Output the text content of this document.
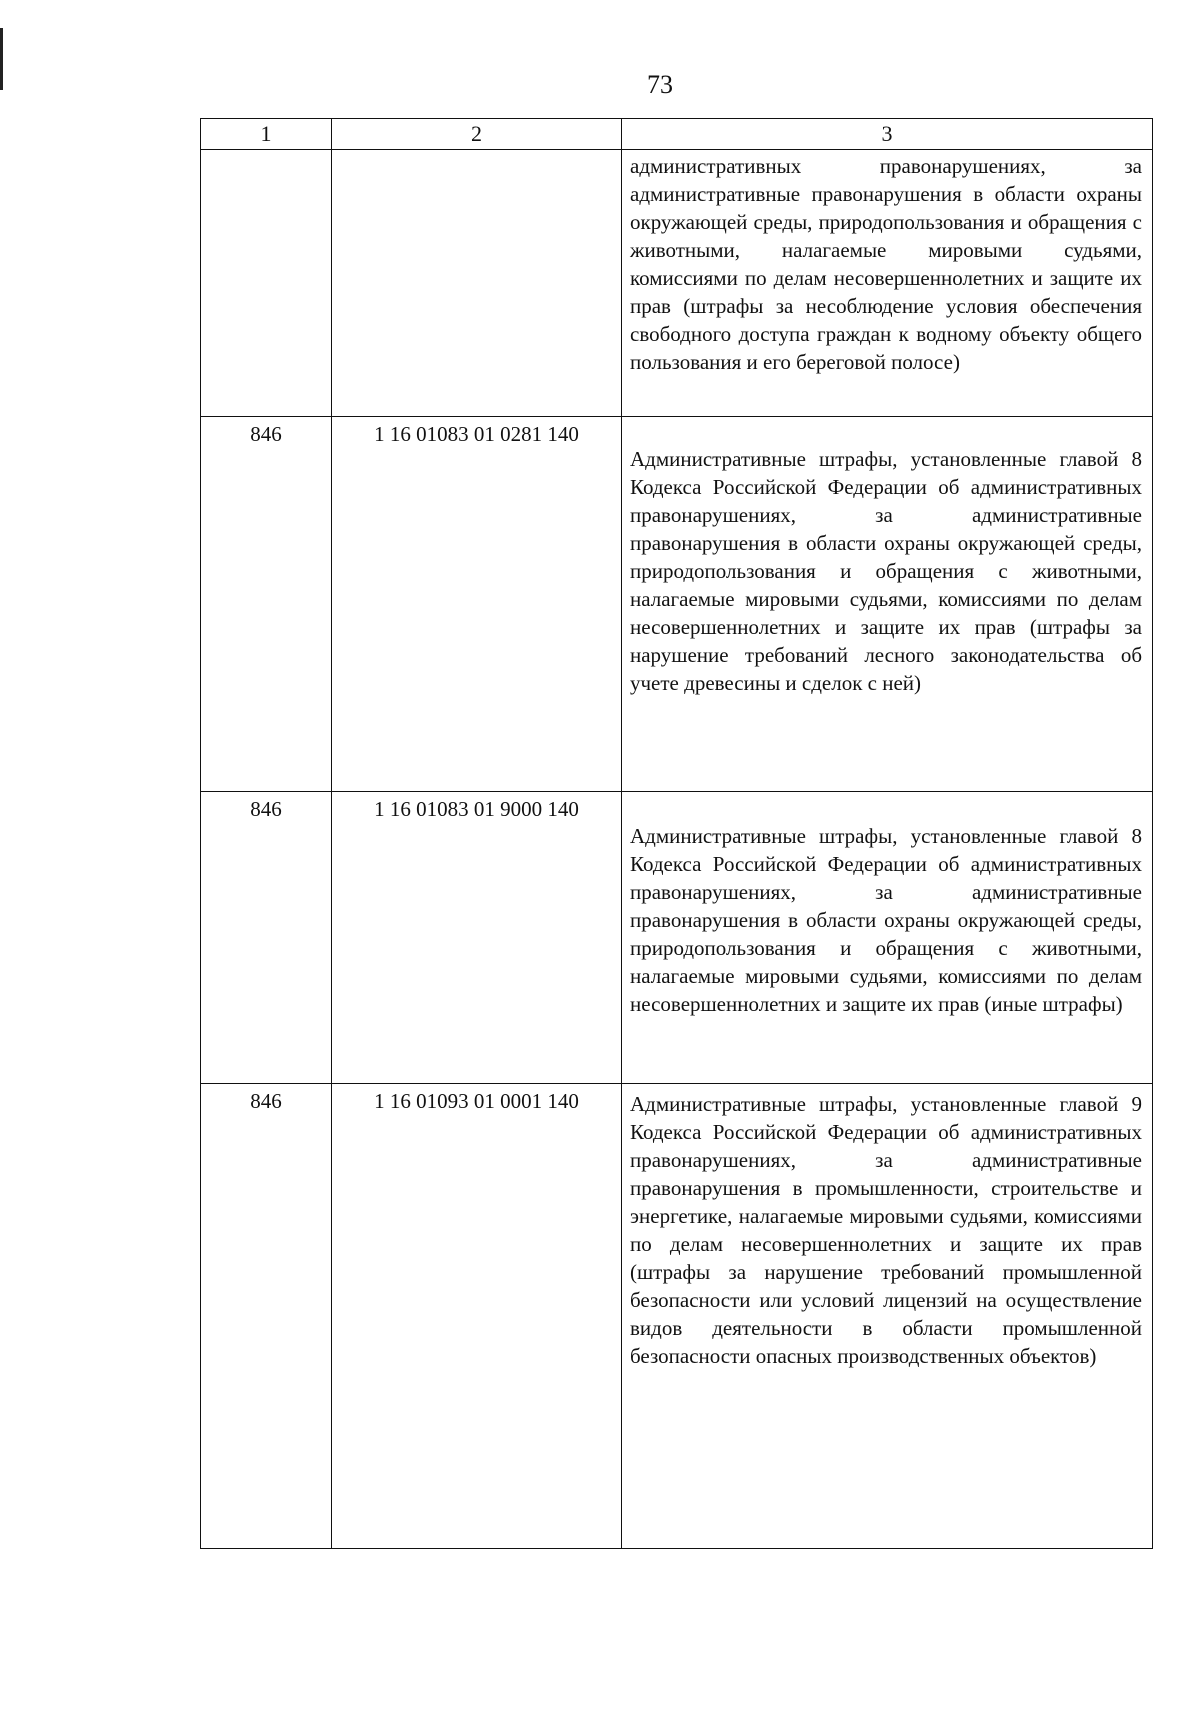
73
1	2	3

		административных правонарушениях, за административные правонарушения в области охраны окружающей среды, природопользования и обращения с животными, налагаемые мировыми судьями, комиссиями по делам несовершеннолетних и защите их прав (штрафы за несоблюдение условия обеспечения свободного доступа граждан к водному объекту общего пользования и его береговой полосе)

846	1 16 01083 01 0281 140	Административные штрафы, установленные главой 8 Кодекса Российской Федерации об административных правонарушениях, за административные правонарушения в области охраны окружающей среды, природопользования и обращения с животными, налагаемые мировыми судьями, комиссиями по делам несовершеннолетних и защите их прав (штрафы за нарушение требований лесного законодательства об учете древесины и сделок с ней)

846	1 16 01083 01 9000 140	Административные штрафы, установленные главой 8 Кодекса Российской Федерации об административных правонарушениях, за административные правонарушения в области охраны окружающей среды, природопользования и обращения с животными, налагаемые мировыми судьями, комиссиями по делам несовершеннолетних и защите их прав (иные штрафы)

846	1 16 01093 01 0001 140	Административные штрафы, установленные главой 9 Кодекса Российской Федерации об административных правонарушениях, за административные правонарушения в промышленности, строительстве и энергетике, налагаемые мировыми судьями, комиссиями по делам несовершеннолетних и защите их прав (штрафы за нарушение требований промышленной безопасности или условий лицензий на осуществление видов деятельности в области промышленной безопасности опасных производственных объектов)
